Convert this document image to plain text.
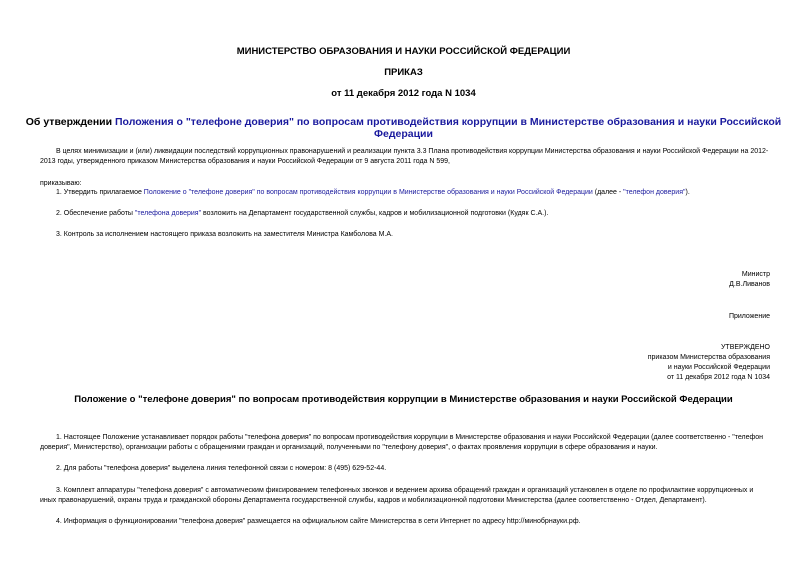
МИНИСТЕРСТВО ОБРАЗОВАНИЯ И НАУКИ РОССИЙСКОЙ ФЕДЕРАЦИИ
ПРИКАЗ
от 11 декабря 2012 года N 1034
Об утверждении Положения о "телефоне доверия" по вопросам противодействия коррупции в Министерстве образования и науки Российской Федерации
В целях минимизации и (или) ликвидации последствий коррупционных правонарушений и реализации пункта 3.3 Плана противодействия коррупции Министерства образования и науки Российской Федерации на 2012-2013 годы, утвержденного приказом Министерства образования и науки Российской Федерации от 9 августа 2011 года N 599,
приказываю:
1. Утвердить прилагаемое Положение о "телефоне доверия" по вопросам противодействия коррупции в Министерстве образования и науки Российской Федерации (далее - "телефон доверия").
2. Обеспечение работы "телефона доверия" возложить на Департамент государственной службы, кадров и мобилизационной подготовки (Кудяк С.А.).
3. Контроль за исполнением настоящего приказа возложить на заместителя Министра Камболова М.А.
Министр
Д.В.Ливанов
Приложение
УТВЕРЖДЕНО
приказом Министерства образования
и науки Российской Федерации
от 11 декабря 2012 года N 1034
Положение о "телефоне доверия" по вопросам противодействия коррупции в Министерстве образования и науки Российской Федерации
1. Настоящее Положение устанавливает порядок работы "телефона доверия" по вопросам противодействия коррупции в Министерстве образования и науки Российской Федерации (далее соответственно - "телефон доверия", Министерство), организации работы с обращениями граждан и организаций, полученными по "телефону доверия", о фактах проявления коррупции в сфере образования и науки.
2. Для работы "телефона доверия" выделена линия телефонной связи с номером: 8 (495) 629-52-44.
3. Комплект аппаратуры "телефона доверия" с автоматическим фиксированием телефонных звонков и ведением архива обращений граждан и организаций установлен в отделе по профилактике коррупционных и иных правонарушений, охраны труда и гражданской обороны Департамента государственной службы, кадров и мобилизационной подготовки Министерства (далее соответственно - Отдел, Департамент).
4. Информация о функционировании "телефона доверия" размещается на официальном сайте Министерства в сети Интернет по адресу http://минобрнауки.рф.
